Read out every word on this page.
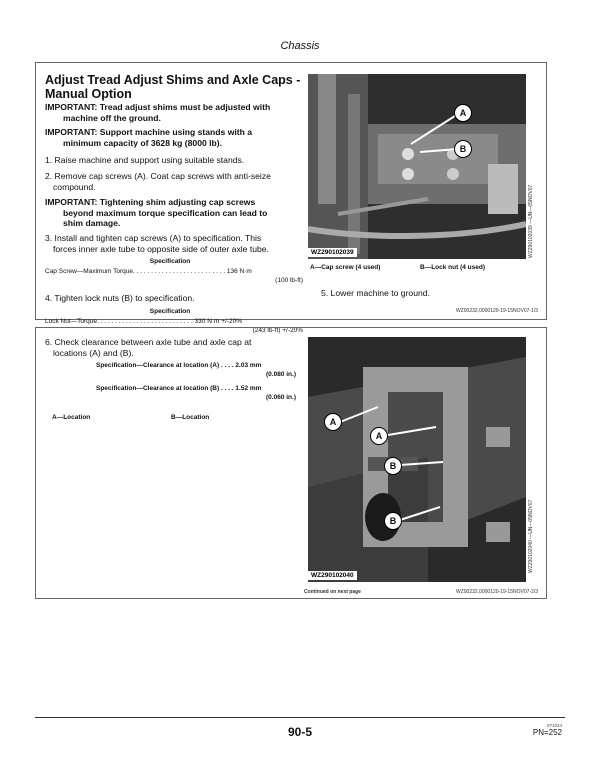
Chassis
Adjust Tread Adjust Shims and Axle Caps -
Manual Option
IMPORTANT: Tread adjust shims must be adjusted with
machine off the ground.
IMPORTANT: Support machine using stands with a
minimum capacity of 3628 kg (8000 lb).
1. Raise machine and support using suitable stands.
2. Remove cap screws (A). Coat cap screws with anti-seize
compound.
IMPORTANT: Tightening shim adjusting cap screws
beyond maximum torque specification can lead to
shim damage.
3. Install and tighten cap screws (A) to specification. This
forces inner axle tube to opposite side of outer axle tube.
Specification
Cap Screw—Maximum Torque. . . . . . . . . . . . . . . . . . . . . . . . . . 136 N·m
(100 lb-ft)
4. Tighten lock nuts (B) to specification.
Specification
Lock Nut—Torque. . . . . . . . . . . . . . . . . . . . . . . . . . . 330 N·m +/-20%
(243 lb-ft) +/-20%
A
B
WZ290102039	WZ290102039 —UN—05NOV07
A—Cap screw (4 used)	B—Lock nut (4 used)
5. Lower machine to ground.
WZ00232,0000120-19-15NOV07-1/3
6. Check clearance between axle tube and axle cap at
locations (A) and (B).
Specification—Clearance at location (A) . . . . 2.03 mm
(0.080 in.)
Specification—Clearance at location (B) . . . . 1.52 mm
(0.060 in.)
A—Location	B—Location	A
A
B
B
WZ290102040
WZ290102040 —UN—05NOV07
Continued on next page	WZ00232,0000120-19-15NOV07-2/3
90-5	071024
PN=252
